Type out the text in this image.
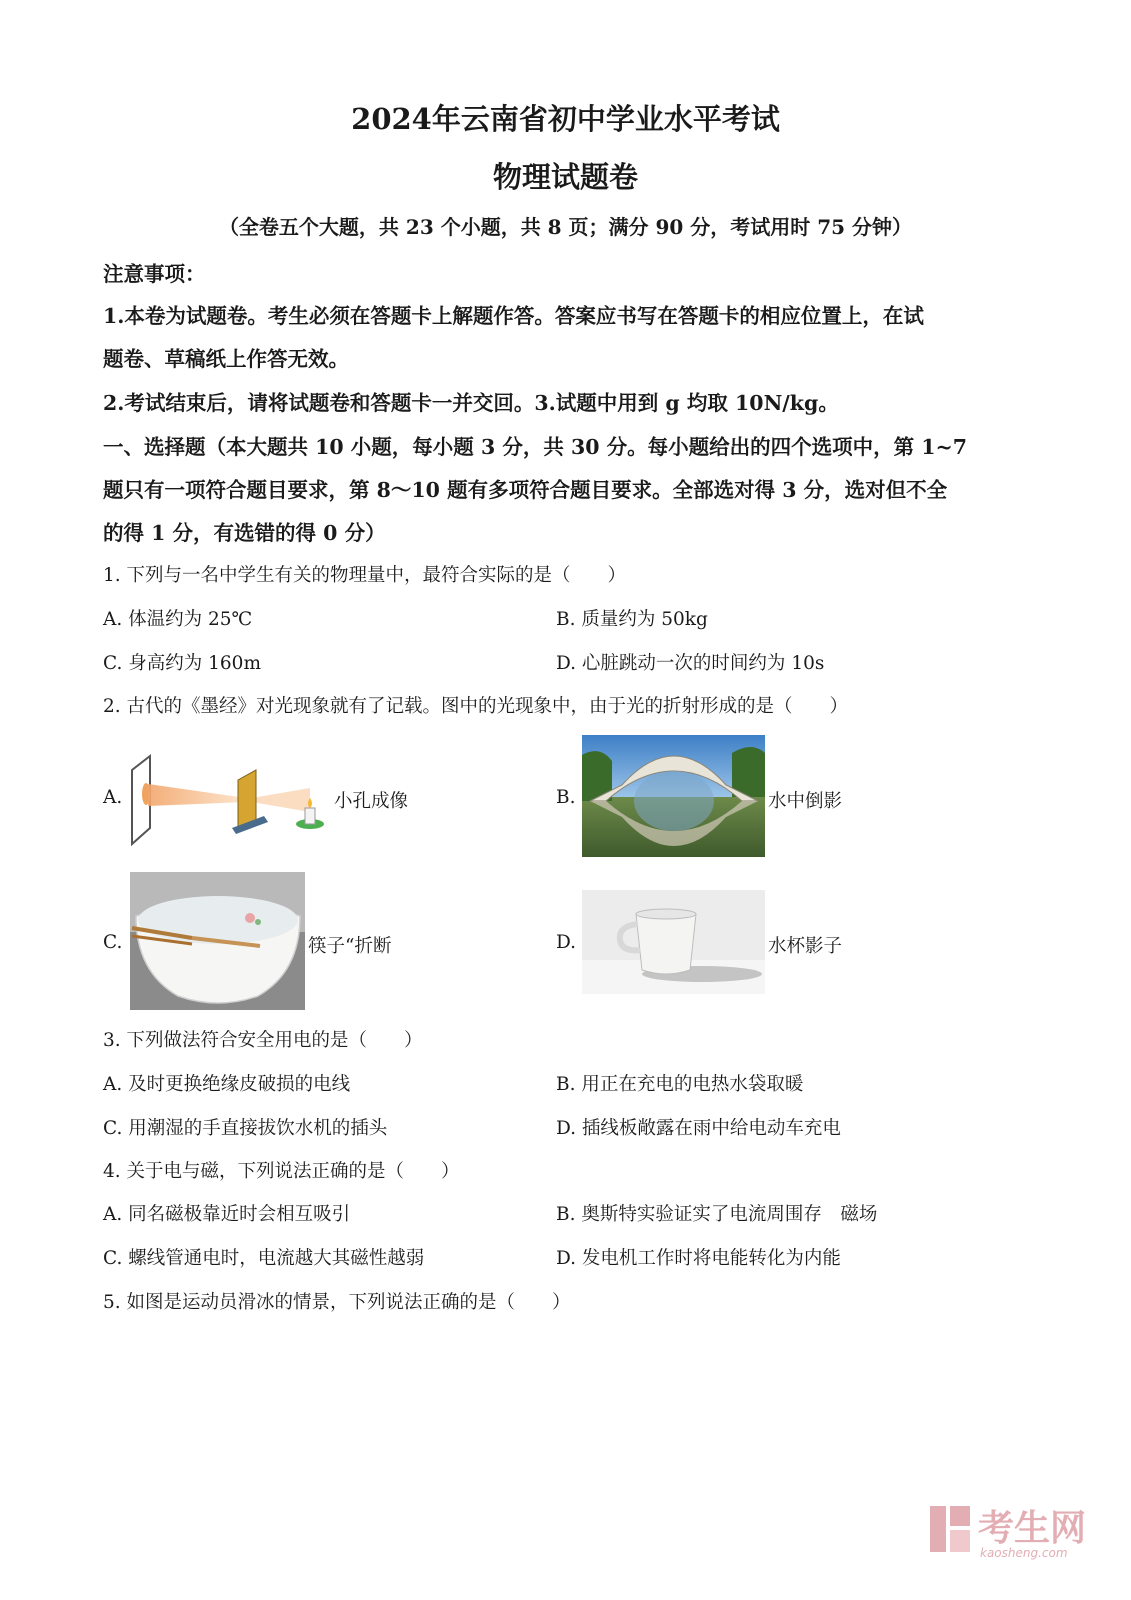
2024年云南省初中学业水平考试
物理试题卷
（全卷五个大题，共 23 个小题，共 8 页；满分 90 分，考试用时 75 分钟）
注意事项：
1.本卷为试题卷。考生必须在答题卡上解题作答。答案应书写在答题卡的相应位置上，在试
题卷、草稿纸上作答无效。
2.考试结束后，请将试题卷和答题卡一并交回。3.试题中用到 g 均取 10N/kg。
一、选择题（本大题共 10 小题，每小题 3 分，共 30 分。每小题给出的四个选项中，第 1~7
题只有一项符合题目要求，第 8～10 题有多项符合题目要求。全部选对得 3 分，选对但不全
的得 1 分，有选错的得 0 分）
1. 下列与一名中学生有关的物理量中，最符合实际的是（　　）
A. 体温约为 25℃	B. 质量约为 50kg
C. 身高约为 160m	D. 心脏跳动一次的时间约为 10s
2. 古代的《墨经》对光现象就有了记载。图中的光现象中，由于光的折射形成的是（　　）
A.	小孔成像	B.	水中倒影
C.	筷子“折断	D.	水杯影子
3. 下列做法符合安全用电的是（　　）
A. 及时更换绝缘皮破损的电线	B. 用正在充电的电热水袋取暖
C. 用潮湿的手直接拔饮水机的插头	D. 插线板敞露在雨中给电动车充电
4. 关于电与磁，下列说法正确的是（　　）
A. 同名磁极靠近时会相互吸引	B. 奥斯特实验证实了电流周围存　磁场
C. 螺线管通电时，电流越大其磁性越弱	D. 发电机工作时将电能转化为内能
5. 如图是运动员滑冰的情景，下列说法正确的是（　　）
考生网
kaosheng.com
